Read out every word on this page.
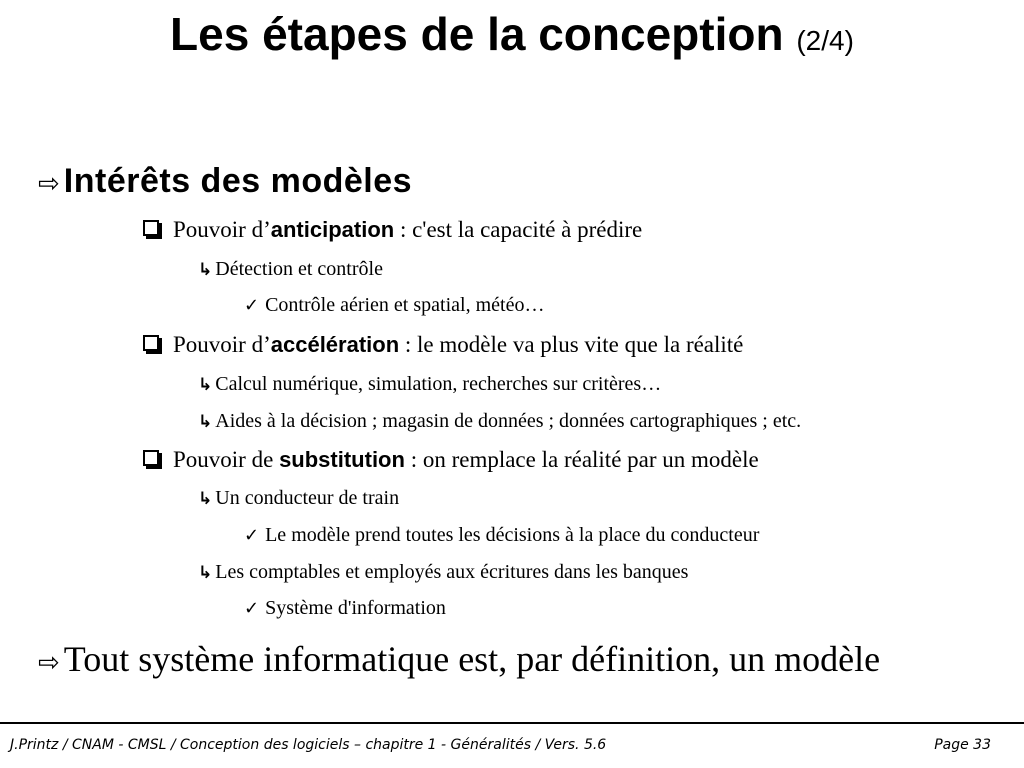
Les étapes de la conception (2/4)
⇨ Intérêts des modèles
Pouvoir d’anticipation : c'est la capacité à prédire
↳ Détection et contrôle
✓ Contrôle aérien et spatial, météo…
Pouvoir d’accélération : le modèle va plus vite que la réalité
↳ Calcul numérique, simulation, recherches sur critères…
↳ Aides à la décision ; magasin de données ; données cartographiques ; etc.
Pouvoir de substitution : on remplace la réalité par un modèle
↳ Un conducteur de train
✓ Le modèle prend toutes les décisions à la place du conducteur
↳ Les comptables et employés aux écritures dans les banques
✓ Système d'information
⇨ Tout système informatique est, par définition, un modèle
J.Printz / CNAM - CMSL / Conception des logiciels – chapitre 1 - Généralités / Vers. 5.6	Page 33
